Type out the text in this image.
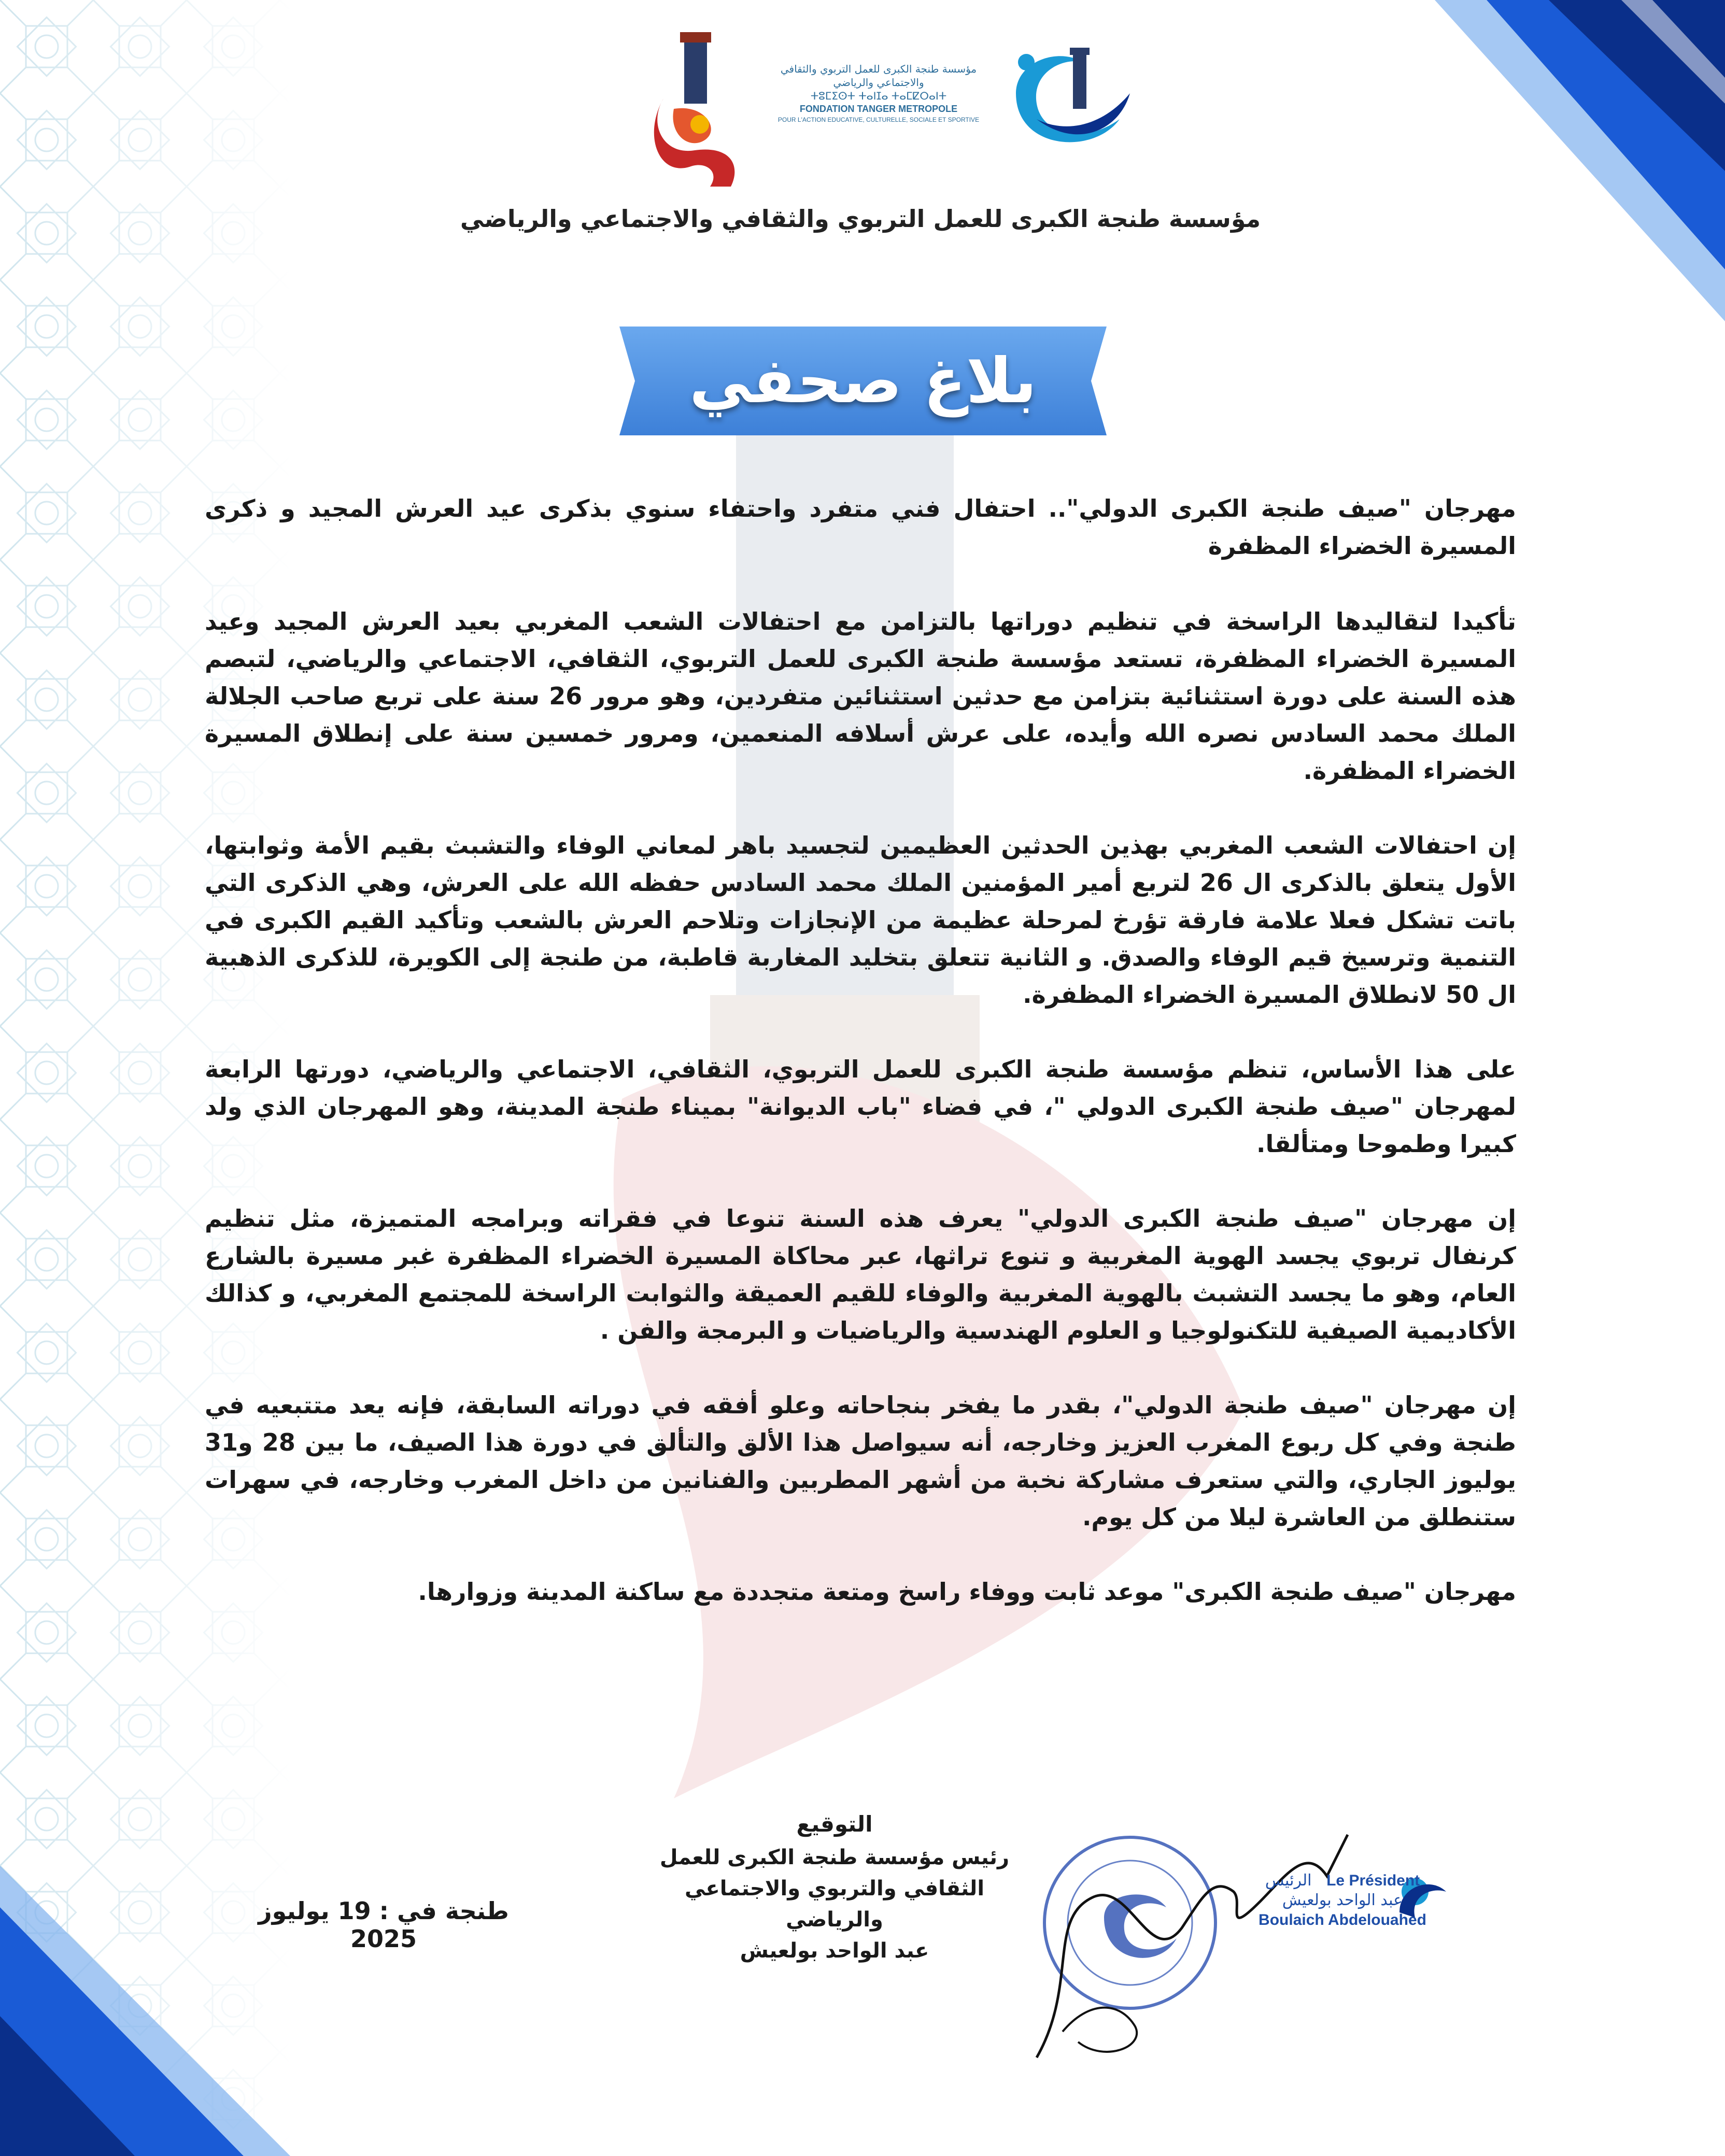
مؤسسة طنجة الكبرى للعمل التربوي والثقافي والاجتماعي والرياضي
ⵜⵓⵎⵉⵙⵜ ⵜⴰⵏⵊⴰ ⵜⴰⵎⵇⵔⴰⵏⵜ
FONDATION TANGER METROPOLE
POUR L'ACTION EDUCATIVE, CULTURELLE, SOCIALE ET SPORTIVE
مؤسسة طنجة الكبرى للعمل التربوي والثقافي والاجتماعي والرياضي
بلاغ صحفي

مهرجان "صيف طنجة الكبرى الدولي".. احتفال فني متفرد واحتفاء سنوي بذكرى عيد العرش المجيد و ذكرى المسيرة الخضراء المظفرة

تأكيدا لتقاليدها الراسخة في تنظيم دوراتها بالتزامن مع احتفالات الشعب المغربي بعيد العرش المجيد وعيد المسيرة الخضراء المظفرة، تستعد مؤسسة طنجة الكبرى للعمل التربوي، الثقافي، الاجتماعي والرياضي، لتبصم هذه السنة على دورة استثنائية بتزامن مع حدثين استثنائين متفردين، وهو مرور 26 سنة على تربع صاحب الجلالة الملك محمد السادس نصره الله وأيده، على عرش أسلافه المنعمين، ومرور خمسين سنة على إنطلاق المسيرة الخضراء المظفرة.

إن احتفالات الشعب المغربي بهذين الحدثين العظيمين لتجسيد باهر لمعاني الوفاء والتشبث بقيم الأمة وثوابتها، الأول يتعلق بالذكرى ال 26 لتربع أمير المؤمنين الملك محمد السادس حفظه الله على العرش، وهي الذكرى التي باتت تشكل فعلا علامة فارقة تؤرخ لمرحلة عظيمة من الإنجازات وتلاحم العرش بالشعب وتأكيد القيم الكبرى في التنمية وترسيخ قيم الوفاء والصدق. و الثانية تتعلق بتخليد المغاربة قاطبة، من طنجة إلى الكويرة، للذكرى الذهبية ال 50 لانطلاق المسيرة الخضراء المظفرة.

على هذا الأساس، تنظم مؤسسة طنجة الكبرى للعمل التربوي، الثقافي، الاجتماعي والرياضي، دورتها الرابعة لمهرجان "صيف طنجة الكبرى الدولي "، في فضاء "باب الديوانة" بميناء طنجة المدينة، وهو المهرجان الذي ولد كبيرا وطموحا ومتألقا.

إن مهرجان "صيف طنجة الكبرى الدولي" يعرف هذه السنة تنوعا في فقراته وبرامجه المتميزة، مثل تنظيم كرنفال تربوي يجسد الهوية المغربية و تنوع تراثها، عبر محاكاة المسيرة الخضراء المظفرة غبر مسيرة بالشارع العام، وهو ما يجسد التشبث بالهوية المغربية والوفاء للقيم العميقة والثوابت الراسخة للمجتمع المغربي، و كذالك الأكاديمية الصيفية للتكنولوجيا و العلوم الهندسية والرياضيات و البرمجة والفن .

إن مهرجان "صيف طنجة الدولي"، بقدر ما يفخر بنجاحاته وعلو أفقه في دوراته السابقة، فإنه يعد متتبعيه في طنجة وفي كل ربوع المغرب العزيز وخارجه، أنه سيواصل هذا الألق والتألق في دورة هذا الصيف، ما بين 28 و31 يوليوز الجاري، والتي ستعرف مشاركة نخبة من أشهر المطربين والفنانين من داخل المغرب وخارجه، في سهرات ستنطلق من العاشرة ليلا من كل يوم.

مهرجان "صيف طنجة الكبرى" موعد ثابت ووفاء راسخ ومتعة متجددة مع ساكنة المدينة وزوارها.

التوقيع
رئيس مؤسسة طنجة الكبرى للعمل
الثقافي والتربوي والاجتماعي والرياضي
عبد الواحد بولعيش
طنجة في : 19 يوليوز 2025
Le Président   الرئيس
عبد الواحد بولعيش
Boulaich Abdelouahed
